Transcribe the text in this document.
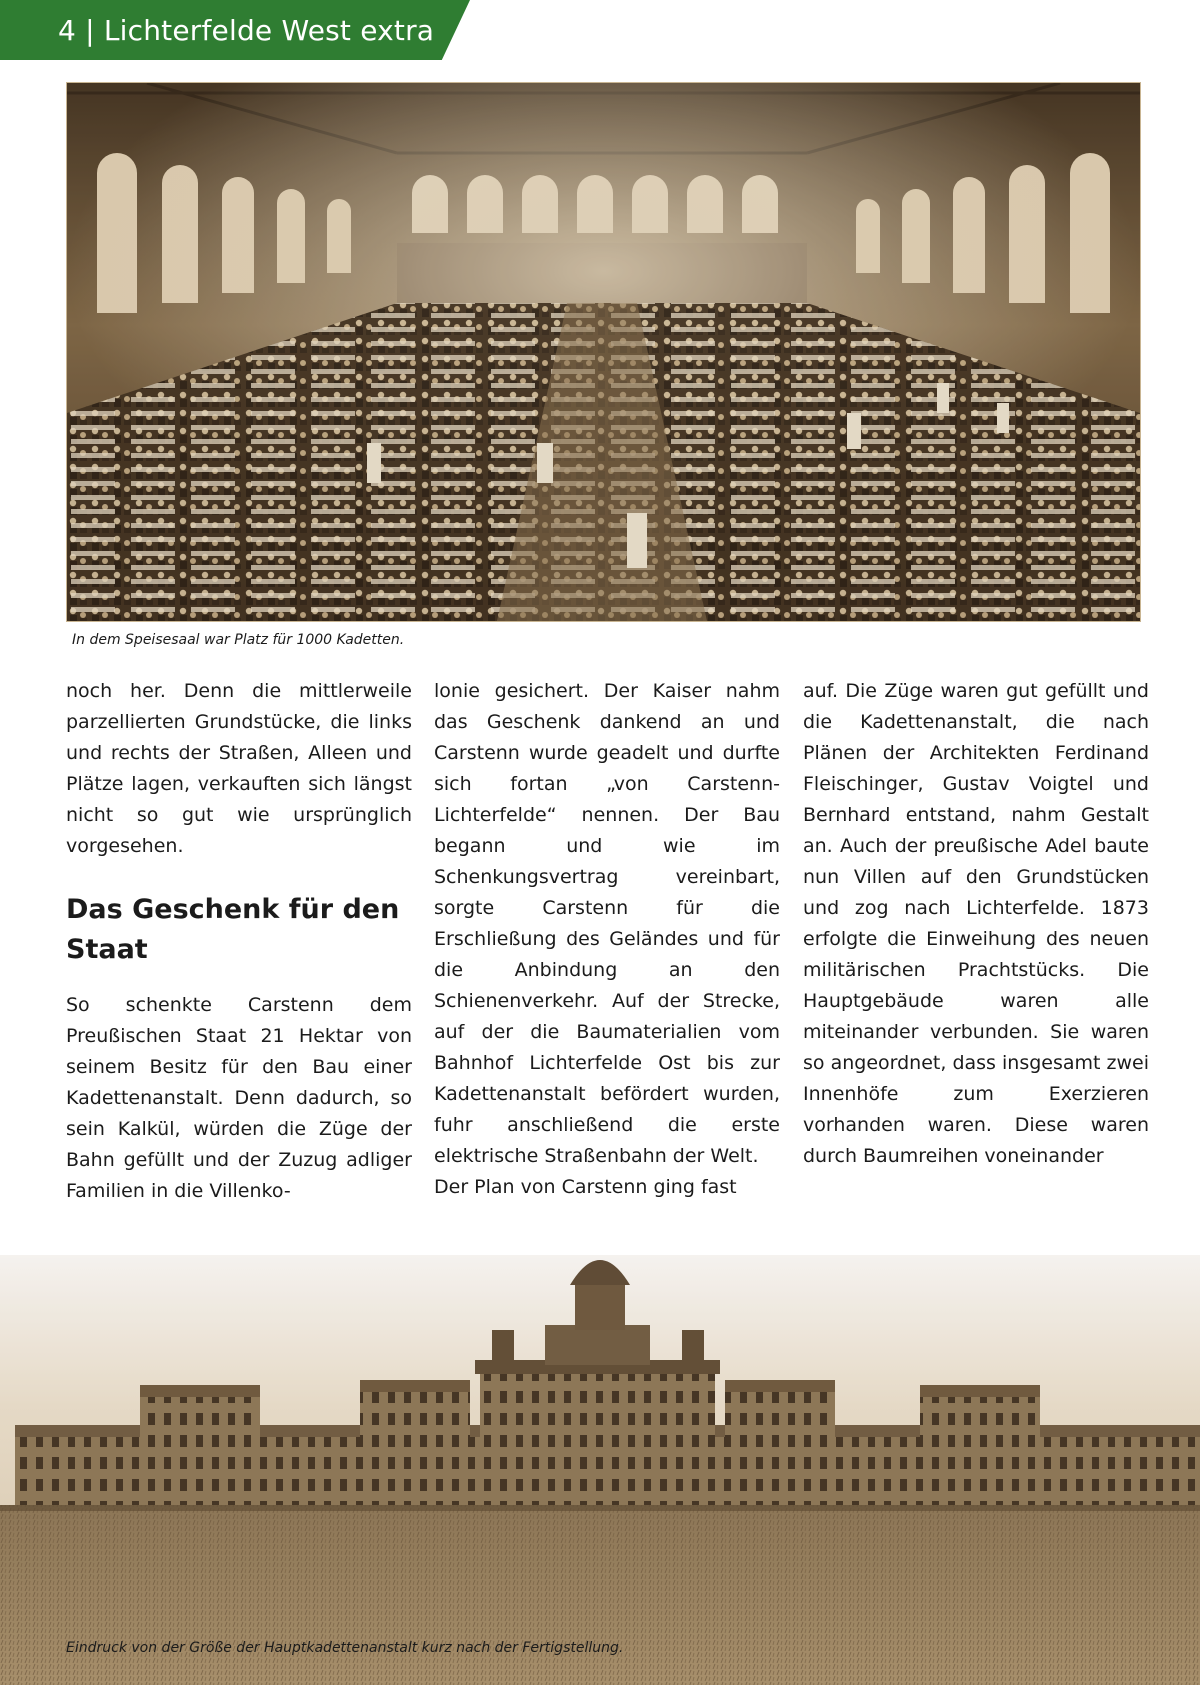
4 | Lichterfelde West extra
In dem Speisesaal war Platz für 1000 Kadetten.

noch her. Denn die mittlerweile parzellierten Grundstücke, die links und rechts der Straßen, Alleen und Plätze lagen, verkauften sich längst nicht so gut wie ursprünglich vorgesehen.

Das Geschenk für den Staat

So schenkte Carstenn dem Preußischen Staat 21 Hektar von seinem Besitz für den Bau einer Kadettenanstalt. Denn dadurch, so sein Kalkül, würden die Züge der Bahn gefüllt und der Zuzug adliger Familien in die Villenko-

lonie gesichert. Der Kaiser nahm das Geschenk dankend an und Carstenn wurde geadelt und durfte sich fortan „von Carstenn-Lichterfelde“ nennen. Der Bau begann und wie im Schenkungsvertrag vereinbart, sorgte Carstenn für die Erschließung des Geländes und für die Anbindung an den Schienenverkehr. Auf der Strecke, auf der die Baumaterialien vom Bahnhof Lichterfelde Ost bis zur Kadettenanstalt befördert wurden, fuhr anschließend die erste elektrische Straßenbahn der Welt.

Der Plan von Carstenn ging fast

auf. Die Züge waren gut gefüllt und die Kadettenanstalt, die nach Plänen der Architekten Ferdinand Fleischinger, Gustav Voigtel und Bernhard entstand, nahm Gestalt an. Auch der preußische Adel baute nun Villen auf den Grundstücken und zog nach Lichterfelde. 1873 erfolgte die Einweihung des neuen militärischen Prachtstücks. Die Hauptgebäude waren alle miteinander verbunden. Sie waren so angeordnet, dass insgesamt zwei Innenhöfe zum Exerzieren vorhanden waren. Diese waren durch Baumreihen voneinander

Eindruck von der Größe der Hauptkadettenanstalt kurz nach der Fertigstellung.
